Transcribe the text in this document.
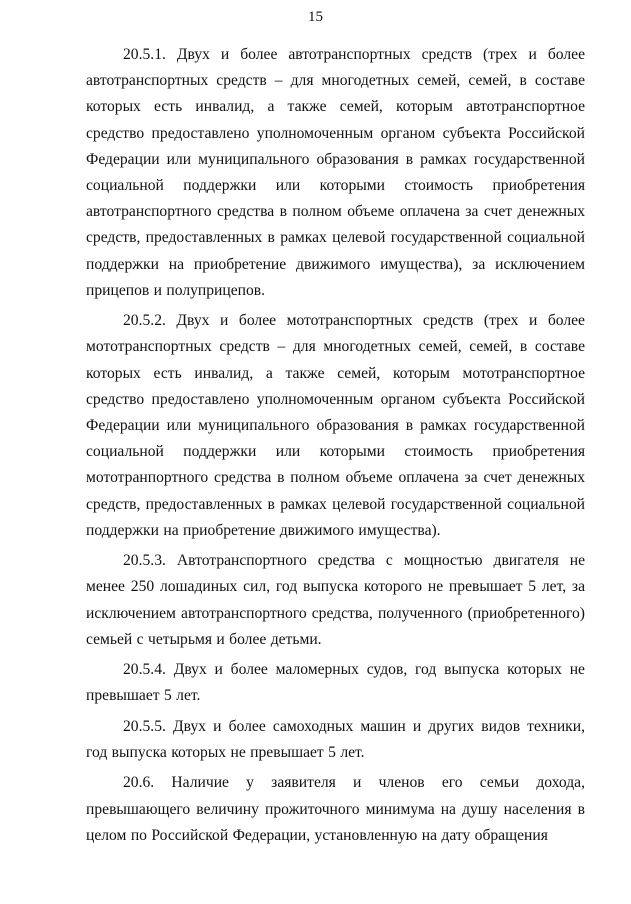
15

20.5.1. Двух и более автотранспортных средств (трех и более автотранспортных средств – для многодетных семей, семей, в составе которых есть инвалид, а также семей, которым автотранспортное средство предоставлено уполномоченным органом субъекта Российской Федерации или муниципального образования в рамках государственной социальной поддержки или которыми стоимость приобретения автотранспортного средства в полном объеме оплачена за счет денежных средств, предоставленных в рамках целевой государственной социальной поддержки на приобретение движимого имущества), за исключением прицепов и полуприцепов.

20.5.2. Двух и более мототранспортных средств (трех и более мототранспортных средств – для многодетных семей, семей, в составе которых есть инвалид, а также семей, которым мототранспортное средство предоставлено уполномоченным органом субъекта Российской Федерации или муниципального образования в рамках государственной социальной поддержки или которыми стоимость приобретения мототранпортного средства в полном объеме оплачена за счет денежных средств, предоставленных в рамках целевой государственной социальной поддержки на приобретение движимого имущества).

20.5.3. Автотранспортного средства с мощностью двигателя не менее 250 лошадиных сил, год выпуска которого не превышает 5 лет, за исключением автотранспортного средства, полученного (приобретенного) семьей с четырьмя и более детьми.

20.5.4. Двух и более маломерных судов, год выпуска которых не превышает 5 лет.

20.5.5. Двух и более самоходных машин и других видов техники, год выпуска которых не превышает 5 лет.

20.6. Наличие у заявителя и членов его семьи дохода, превышающего величину прожиточного минимума на душу населения в целом по Российской Федерации, установленную на дату обращения
